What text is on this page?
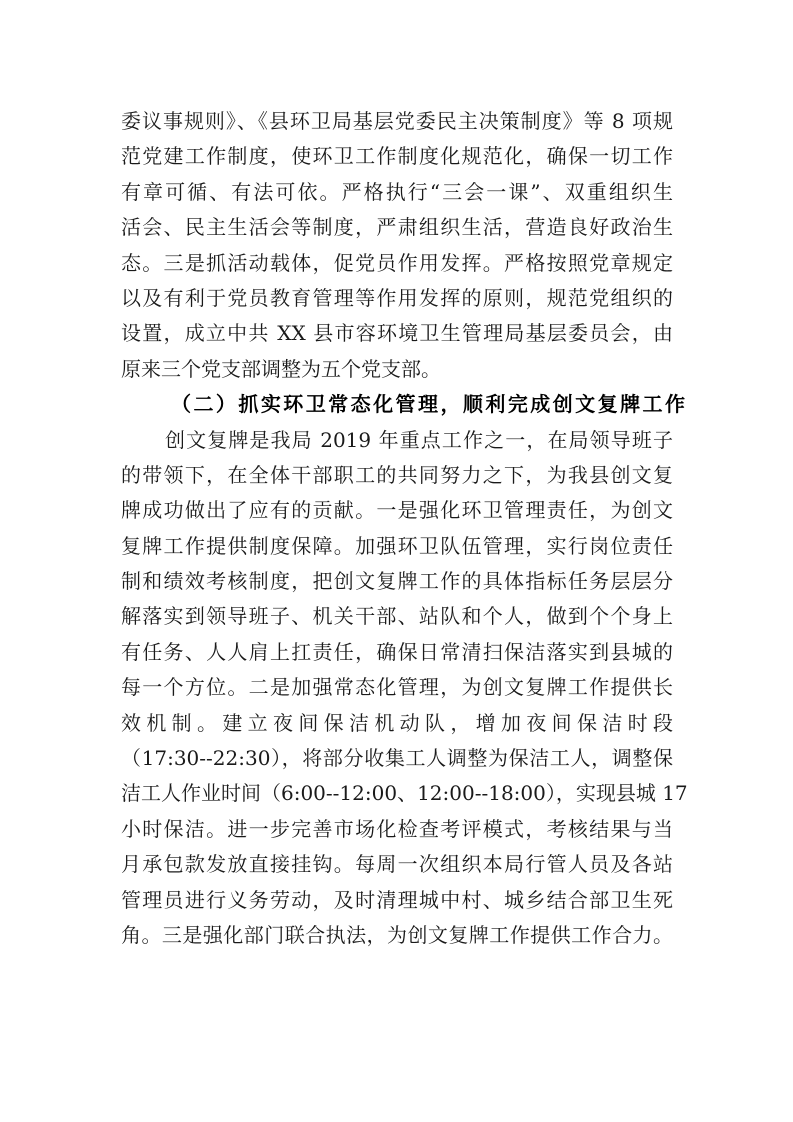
委议事规则》、《县环卫局基层党委民主决策制度》等 8 项规
范党建工作制度，使环卫工作制度化规范化，确保一切工作
有章可循、有法可依。严格执行“三会一课”、双重组织生
活会、民主生活会等制度，严肃组织生活，营造良好政治生
态。三是抓活动载体，促党员作用发挥。严格按照党章规定
以及有利于党员教育管理等作用发挥的原则，规范党组织的
设置，成立中共 XX 县市容环境卫生管理局基层委员会，由
原来三个党支部调整为五个党支部。
（二）抓实环卫常态化管理，顺利完成创文复牌工作
创文复牌是我局 2019 年重点工作之一，在局领导班子
的带领下，在全体干部职工的共同努力之下，为我县创文复
牌成功做出了应有的贡献。一是强化环卫管理责任，为创文
复牌工作提供制度保障。加强环卫队伍管理，实行岗位责任
制和绩效考核制度，把创文复牌工作的具体指标任务层层分
解落实到领导班子、机关干部、站队和个人，做到个个身上
有任务、人人肩上扛责任，确保日常清扫保洁落实到县城的
每一个方位。二是加强常态化管理，为创文复牌工作提供长
效机制。建立夜间保洁机动队，增加夜间保洁时段
（17:30--22:30），将部分收集工人调整为保洁工人，调整保
洁工人作业时间（6:00--12:00、12:00--18:00），实现县城 17
小时保洁。进一步完善市场化检查考评模式，考核结果与当
月承包款发放直接挂钩。每周一次组织本局行管人员及各站
管理员进行义务劳动，及时清理城中村、城乡结合部卫生死
角。三是强化部门联合执法，为创文复牌工作提供工作合力。
